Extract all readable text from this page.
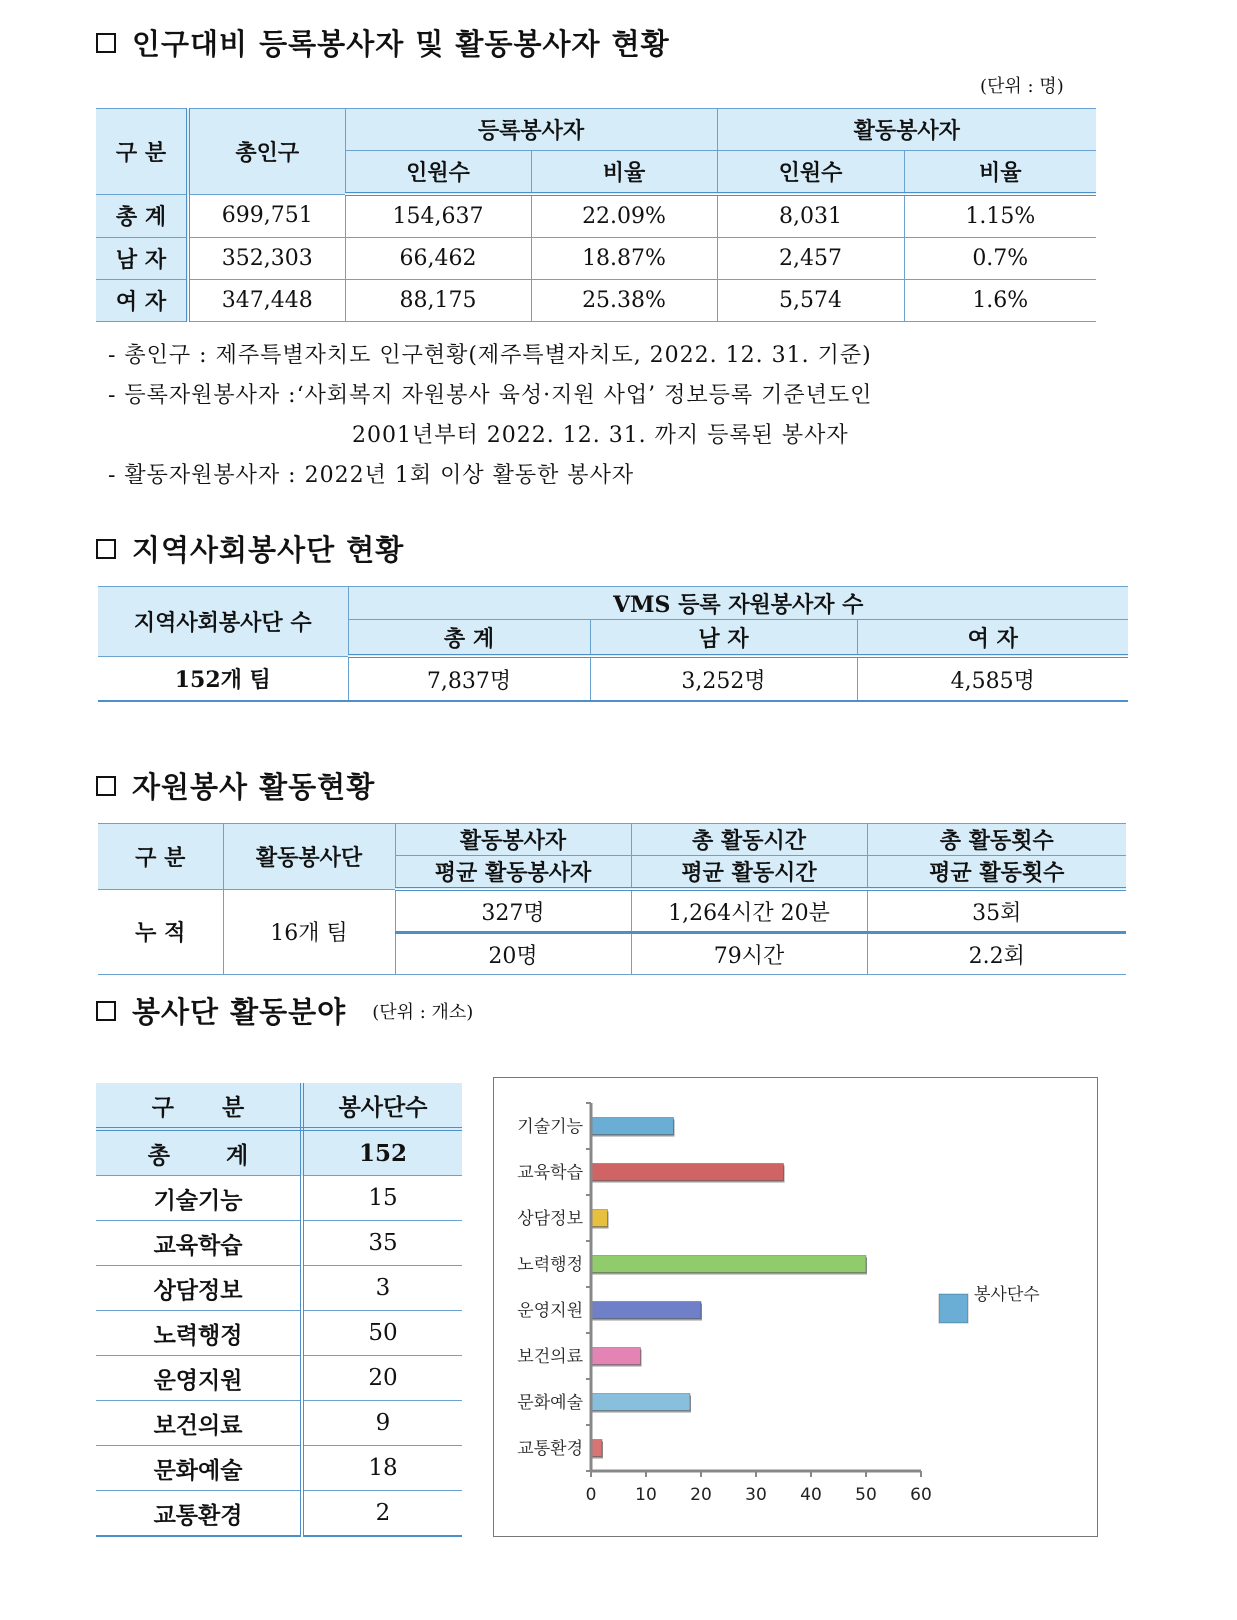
인구대비 등록봉사자 및 활동봉사자 현황
(단위 : 명)
구 분	총인구	등록봉사자		활동봉사자	
		인원수	비율	인원수	비율
총 계	699,751	154,637	22.09%	8,031	1.15%
남 자	352,303	66,462	18.87%	2,457	0.7%
여 자	347,448	88,175	25.38%	5,574	1.6%
- 총인구 : 제주특별자치도 인구현황(제주특별자치도, 2022. 12. 31. 기준)
- 등록자원봉사자 :‘사회복지 자원봉사 육성·지원 사업’ 정보등록 기준년도인
2001년부터 2022. 12. 31. 까지 등록된 봉사자
- 활동자원봉사자 : 2022년 1회 이상 활동한 봉사자
지역사회봉사단 현황
지역사회봉사단 수	VMS 등록 자원봉사자 수		
	총 계	남 자	여 자
152개 팀	7,837명	3,252명	4,585명
자원봉사 활동현황
구 분	활동봉사단	활동봉사자	총 활동시간	총 활동횟수
		평균 활동봉사자	평균 활동시간	평균 활동횟수
누 적	16개 팀	327명	1,264시간 20분	35회
		20명	79시간	2.2회
봉사단 활동분야 (단위 : 개소)
구 분	봉사단수
총 계	152
기술기능	15
교육학습	35
상담정보	3
노력행정	50
운영지원	20
보건의료	9
문화예술	18
교통환경	2
기술기능
교육학습
상담정보
노력행정
운영지원
보건의료
문화예술
교통환경
0 10 20 30 40 50 60
봉사단수
